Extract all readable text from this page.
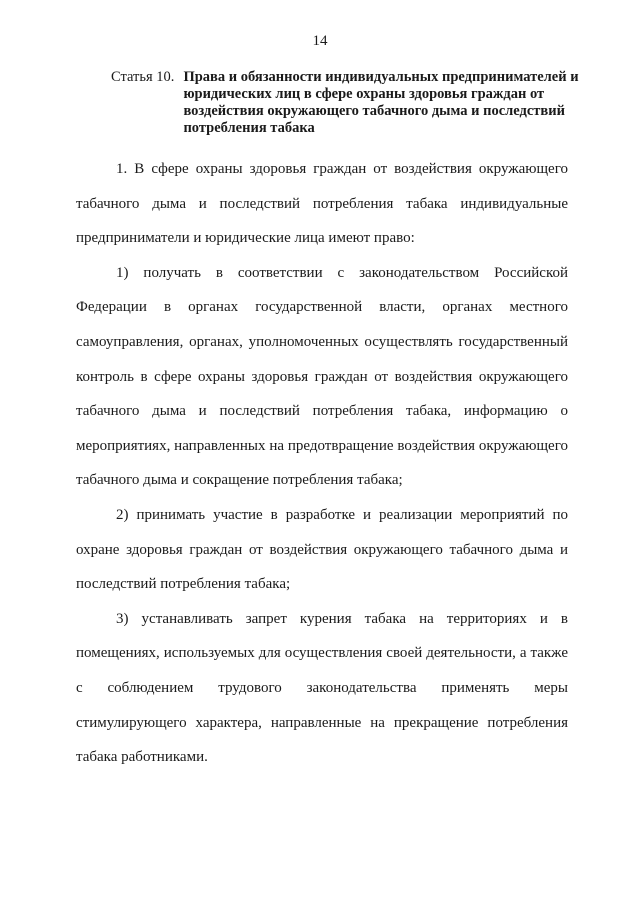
14
Статья 10. Права и обязанности индивидуальных предпринимателей и юридических лиц в сфере охраны здоровья граждан от воздействия окружающего табачного дыма и последствий потребления табака

1. В сфере охраны здоровья граждан от воздействия окружающего табачного дыма и последствий потребления табака индивидуальные предприниматели и юридические лица имеют право:

1) получать в соответствии с законодательством Российской Федерации в органах государственной власти, органах местного самоуправления, органах, уполномоченных осуществлять государственный контроль в сфере охраны здоровья граждан от воздействия окружающего табачного дыма и последствий потребления табака, информацию о мероприятиях, направленных на предотвращение воздействия окружающего табачного дыма и сокращение потребления табака;

2) принимать участие в разработке и реализации мероприятий по охране здоровья граждан от воздействия окружающего табачного дыма и последствий потребления табака;

3) устанавливать запрет курения табака на территориях и в помещениях, используемых для осуществления своей деятельности, а также с соблюдением трудового законодательства применять меры стимулирующего характера, направленные на прекращение потребления табака работниками.
